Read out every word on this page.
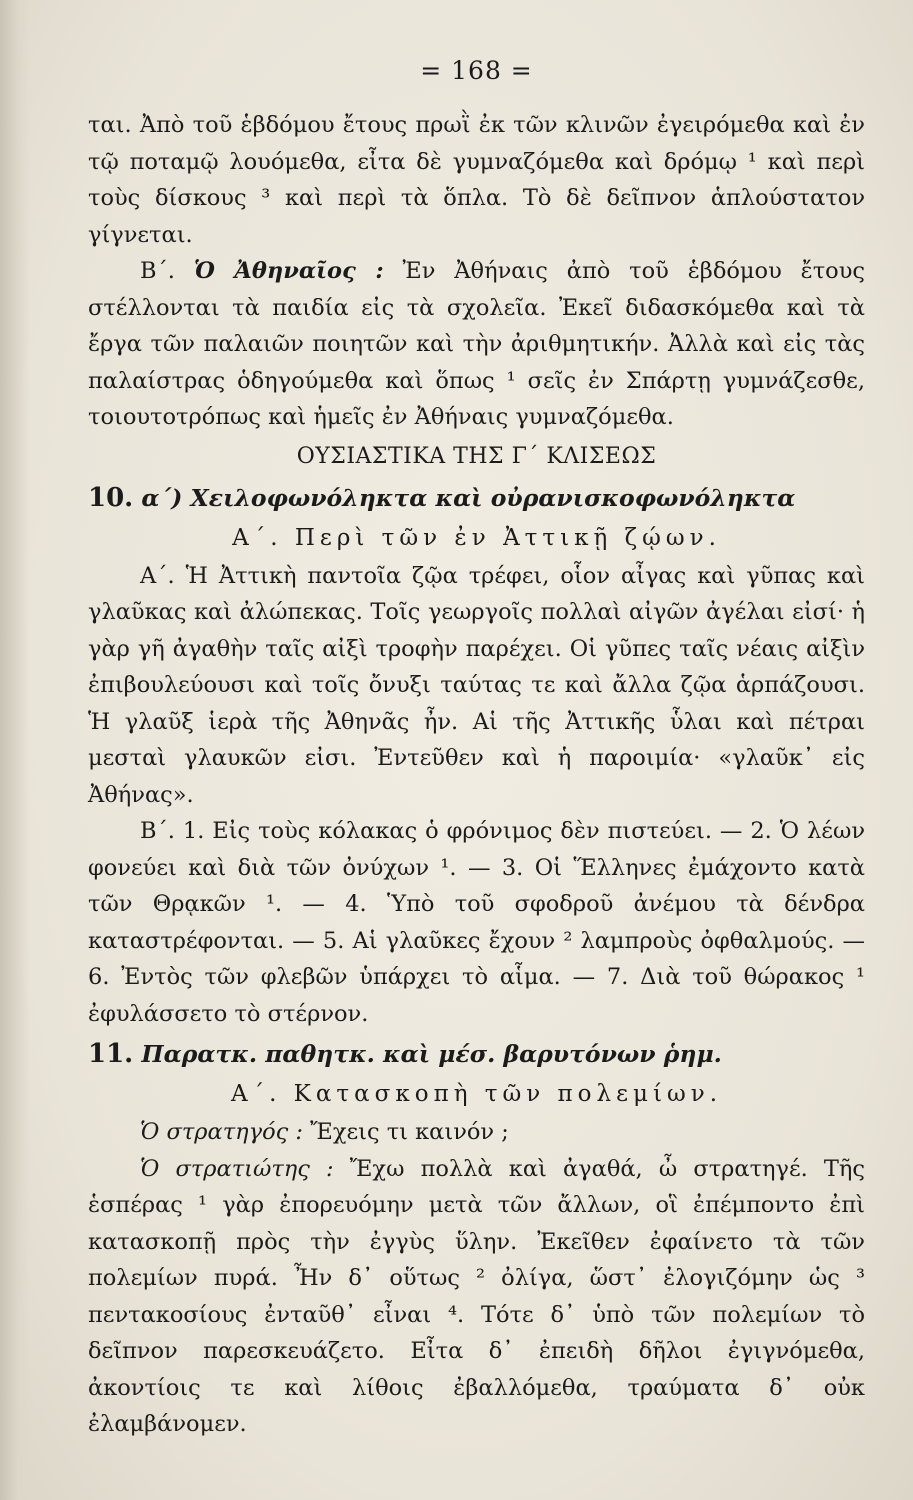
= 168 =

ται. Ἀπὸ τοῦ ἑβδόμου ἔτους πρωῒ ἐκ τῶν κλινῶν ἐγειρόμεθα καὶ ἐν τῷ ποταμῷ λουόμεθα, εἶτα δὲ γυμναζόμεθα καὶ δρόμῳ ¹ καὶ περὶ τοὺς δίσκους ³ καὶ περὶ τὰ ὅπλα. Τὸ δὲ δεῖπνον ἁπλούστατον γίγνεται.

Β΄. Ὁ Ἀθηναῖος : Ἐν Ἀθήναις ἀπὸ τοῦ ἑβδόμου ἔτους στέλλονται τὰ παιδία εἰς τὰ σχολεῖα. Ἐκεῖ διδασκόμεθα καὶ τὰ ἔργα τῶν παλαιῶν ποιητῶν καὶ τὴν ἀριθμητικήν. Ἀλλὰ καὶ εἰς τὰς παλαίστρας ὁδηγούμεθα καὶ ὅπως ¹ σεῖς ἐν Σπάρτῃ γυμνάζεσθε, τοιουτοτρόπως καὶ ἡμεῖς ἐν Ἀθήναις γυμναζόμεθα.

ΟΥΣΙΑΣΤΙΚΑ ΤΗΣ Γ΄ ΚΛΙΣΕΩΣ
10. α΄) Χειλοφωνόληκτα καὶ οὐρανισκοφωνόληκτα
Α΄. Περὶ τῶν ἐν Ἀττικῇ ζῴων.

Α΄. Ἡ Ἀττικὴ παντοῖα ζῷα τρέφει, οἷον αἶγας καὶ γῦπας καὶ γλαῦκας καὶ ἀλώπεκας. Τοῖς γεωργοῖς πολλαὶ αἰγῶν ἀγέλαι εἰσί· ἡ γὰρ γῆ ἀγαθὴν ταῖς αἰξὶ τροφὴν παρέχει. Οἱ γῦπες ταῖς νέαις αἰξὶν ἐπιβουλεύουσι καὶ τοῖς ὄνυξι ταύτας τε καὶ ἄλλα ζῷα ἁρπάζουσι. Ἡ γλαῦξ ἱερὰ τῆς Ἀθηνᾶς ἦν. Αἱ τῆς Ἀττικῆς ὗλαι καὶ πέτραι μεσταὶ γλαυκῶν εἰσι. Ἐντεῦθεν καὶ ἡ παροιμία· «γλαῦκ᾽ εἰς Ἀθήνας».

Β΄. 1. Εἰς τοὺς κόλακας ὁ φρόνιμος δὲν πιστεύει. — 2. Ὁ λέων φονεύει καὶ διὰ τῶν ὀνύχων ¹. — 3. Οἱ Ἕλληνες ἐμάχοντο κατὰ τῶν Θρᾳκῶν ¹. — 4. Ὑπὸ τοῦ σφοδροῦ ἀνέμου τὰ δένδρα καταστρέφονται. — 5. Αἱ γλαῦκες ἔχουν ² λαμπροὺς ὀφθαλμούς. — 6. Ἐντὸς τῶν φλεβῶν ὑπάρχει τὸ αἷμα. — 7. Διὰ τοῦ θώρακος ¹ ἐφυλάσσετο τὸ στέρνον.

11. Παρατκ. παθητκ. καὶ μέσ. βαρυτόνων ῥημ.
Α΄. Κατασκοπὴ τῶν πολεμίων.

Ὁ στρατηγός : Ἔχεις τι καινόν ;

Ὁ στρατιώτης : Ἔχω πολλὰ καὶ ἀγαθά, ὦ στρατηγέ. Τῆς ἑσπέρας ¹ γὰρ ἐπορευόμην μετὰ τῶν ἄλλων, οἳ ἐπέμποντο ἐπὶ κατασκοπῇ πρὸς τὴν ἐγγὺς ὕλην. Ἐκεῖθεν ἐφαίνετο τὰ τῶν πολεμίων πυρά. Ἦν δ᾽ οὕτως ² ὀλίγα, ὥστ᾽ ἐλογιζόμην ὡς ³ πεντακοσίους ἐνταῦθ᾽ εἶναι ⁴. Τότε δ᾽ ὑπὸ τῶν πολεμίων τὸ δεῖπνον παρεσκευάζετο. Εἶτα δ᾽ ἐπειδὴ δῆλοι ἐγιγνόμεθα, ἀκοντίοις τε καὶ λίθοις ἐβαλλόμεθα, τραύματα δ᾽ οὐκ ἐλαμβάνομεν.
